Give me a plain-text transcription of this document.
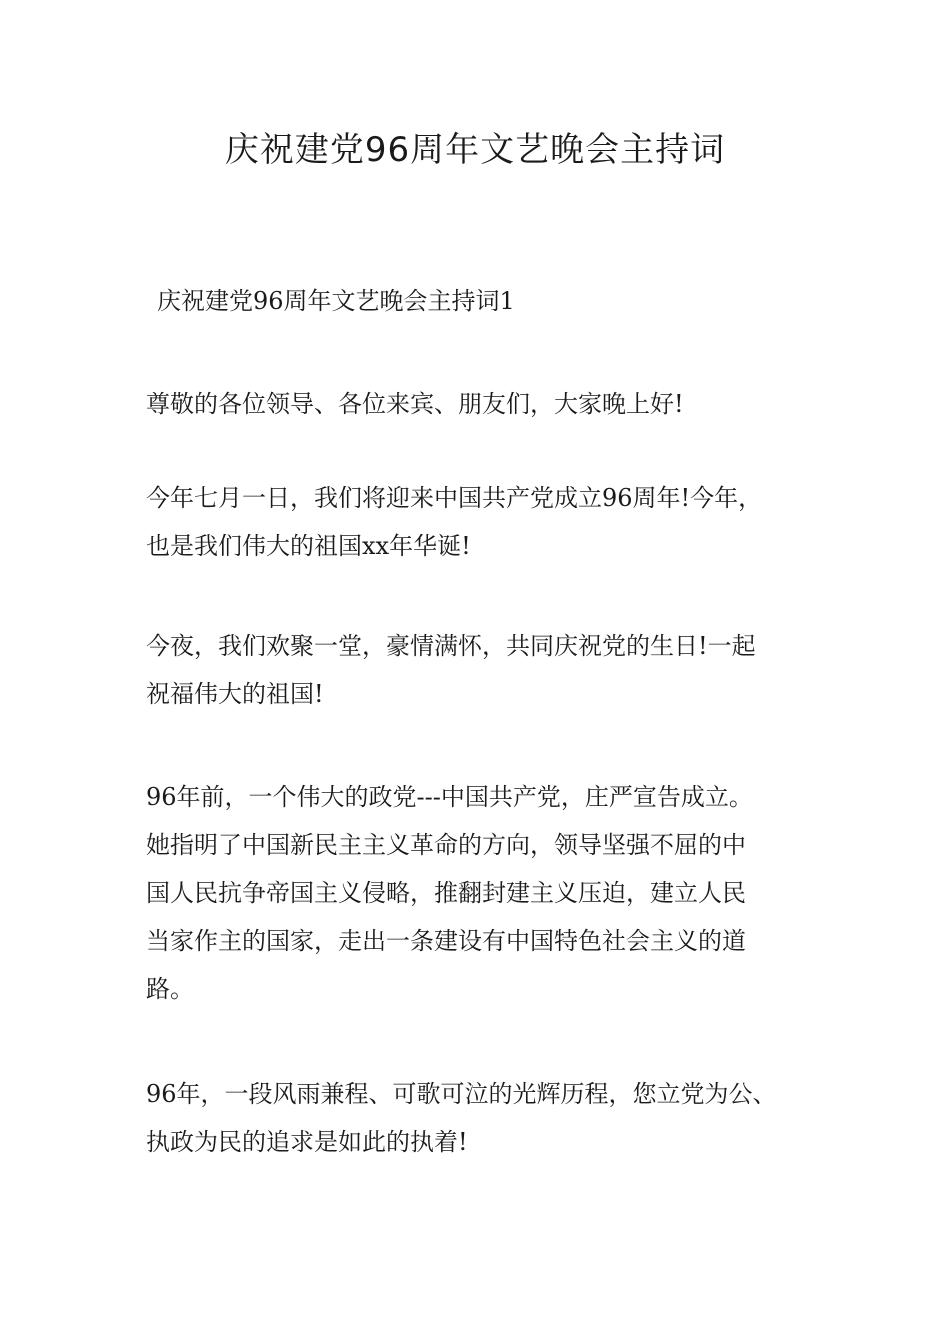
庆祝建党96周年文艺晚会主持词

庆祝建党96周年文艺晚会主持词1

尊敬的各位领导、各位来宾、朋友们，大家晚上好!

今年七月一日，我们将迎来中国共产党成立96周年!今年，
也是我们伟大的祖国xx年华诞!

今夜，我们欢聚一堂，豪情满怀，共同庆祝党的生日!一起
祝福伟大的祖国!

96年前，一个伟大的政党---中国共产党，庄严宣告成立。
她指明了中国新民主主义革命的方向，领导坚强不屈的中
国人民抗争帝国主义侵略，推翻封建主义压迫，建立人民
当家作主的国家，走出一条建设有中国特色社会主义的道
路。

96年，一段风雨兼程、可歌可泣的光辉历程，您立党为公、
执政为民的追求是如此的执着!
